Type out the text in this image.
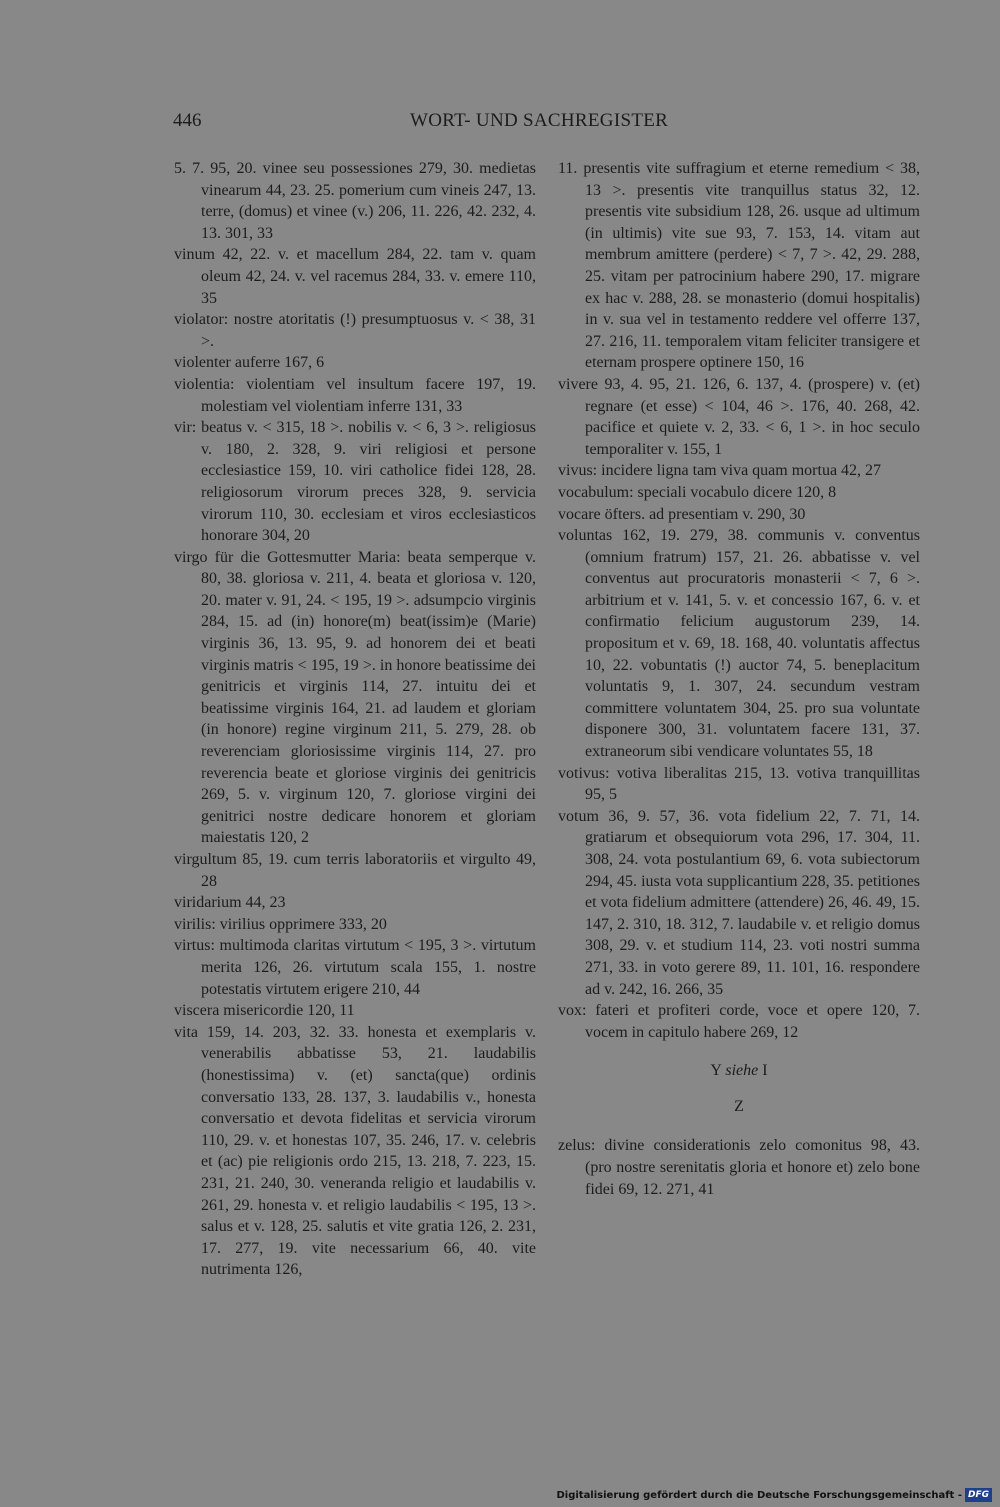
446	WORT- UND SACHREGISTER
5. 7. 95, 20. vinee seu possessiones 279, 30. medietas vinearum 44, 23. 25. pomerium cum vineis 247, 13. terre, (domus) et vinee (v.) 206, 11. 226, 42. 232, 4. 13. 301, 33
vinum 42, 22. v. et macellum 284, 22. tam v. quam oleum 42, 24. v. vel racemus 284, 33. v. emere 110, 35
violator: nostre atoritatis (!) presumptuosus v. < 38, 31 >.
violenter auferre 167, 6
violentia: violentiam vel insultum facere 197, 19. molestiam vel violentiam inferre 131, 33
vir: beatus v. < 315, 18 >. nobilis v. < 6, 3 >. religiosus v. 180, 2. 328, 9. viri religiosi et persone ecclesiastice 159, 10. viri catholice fidei 128, 28. religiosorum virorum preces 328, 9. servicia virorum 110, 30. ecclesiam et viros ecclesiasticos honorare 304, 20
virgo für die Gottesmutter Maria: beata semperque v. 80, 38. gloriosa v. 211, 4. beata et gloriosa v. 120, 20. mater v. 91, 24. < 195, 19 >. adsumpcio virginis 284, 15. ad (in) honore(m) beat(issim)e (Marie) virginis 36, 13. 95, 9. ad honorem dei et beati virginis matris < 195, 19 >. in honore beatissime dei genitricis et virginis 114, 27. intuitu dei et beatissime virginis 164, 21. ad laudem et gloriam (in honore) regine virginum 211, 5. 279, 28. ob reverenciam gloriosissime virginis 114, 27. pro reverencia beate et gloriose virginis dei genitricis 269, 5. v. virginum 120, 7. gloriose virgini dei genitrici nostre dedicare honorem et gloriam maiestatis 120, 2
virgultum 85, 19. cum terris laboratoriis et virgulto 49, 28
viridarium 44, 23
virilis: virilius opprimere 333, 20
virtus: multimoda claritas virtutum < 195, 3 >. virtutum merita 126, 26. virtutum scala 155, 1. nostre potestatis virtutem erigere 210, 44
viscera misericordie 120, 11
vita 159, 14. 203, 32. 33. honesta et exemplaris v. venerabilis abbatisse 53, 21. laudabilis (honestissima) v. (et) sancta(que) ordinis conversatio 133, 28. 137, 3. laudabilis v., honesta conversatio et devota fidelitas et servicia virorum 110, 29. v. et honestas 107, 35. 246, 17. v. celebris et (ac) pie religionis ordo 215, 13. 218, 7. 223, 15. 231, 21. 240, 30. veneranda religio et laudabilis v. 261, 29. honesta v. et religio laudabilis < 195, 13 >. salus et v. 128, 25. salutis et vite gratia 126, 2. 231, 17. 277, 19. vite necessarium 66, 40. vite nutrimenta 126,
11. presentis vite suffragium et eterne remedium < 38, 13 >. presentis vite tranquillus status 32, 12. presentis vite subsidium 128, 26. usque ad ultimum (in ultimis) vite sue 93, 7. 153, 14. vitam aut membrum amittere (perdere) < 7, 7 >. 42, 29. 288, 25. vitam per patrocinium habere 290, 17. migrare ex hac v. 288, 28. se monasterio (domui hospitalis) in v. sua vel in testamento reddere vel offerre 137, 27. 216, 11. temporalem vitam feliciter transigere et eternam prospere optinere 150, 16
vivere 93, 4. 95, 21. 126, 6. 137, 4. (prospere) v. (et) regnare (et esse) < 104, 46 >. 176, 40. 268, 42. pacifice et quiete v. 2, 33. < 6, 1 >. in hoc seculo temporaliter v. 155, 1
vivus: incidere ligna tam viva quam mortua 42, 27
vocabulum: speciali vocabulo dicere 120, 8
vocare öfters. ad presentiam v. 290, 30
voluntas 162, 19. 279, 38. communis v. conventus (omnium fratrum) 157, 21. 26. abbatisse v. vel conventus aut procuratoris monasterii < 7, 6 >. arbitrium et v. 141, 5. v. et concessio 167, 6. v. et confirmatio felicium augustorum 239, 14. propositum et v. 69, 18. 168, 40. voluntatis affectus 10, 22. vobuntatis (!) auctor 74, 5. beneplacitum voluntatis 9, 1. 307, 24. secundum vestram committere voluntatem 304, 25. pro sua voluntate disponere 300, 31. voluntatem facere 131, 37. extraneorum sibi vendicare voluntates 55, 18
votivus: votiva liberalitas 215, 13. votiva tranquillitas 95, 5
votum 36, 9. 57, 36. vota fidelium 22, 7. 71, 14. gratiarum et obsequiorum vota 296, 17. 304, 11. 308, 24. vota postulantium 69, 6. vota subiectorum 294, 45. iusta vota supplicantium 228, 35. petitiones et vota fidelium admittere (attendere) 26, 46. 49, 15. 147, 2. 310, 18. 312, 7. laudabile v. et religio domus 308, 29. v. et studium 114, 23. voti nostri summa 271, 33. in voto gerere 89, 11. 101, 16. respondere ad v. 242, 16. 266, 35
vox: fateri et profiteri corde, voce et opere 120, 7. vocem in capitulo habere 269, 12
Y siehe I
Z
zelus: divine considerationis zelo comonitus 98, 43. (pro nostre serenitatis gloria et honore et) zelo bone fidei 69, 12. 271, 41
Digitalisierung gefördert durch die Deutsche Forschungsgemeinschaft - DFG
